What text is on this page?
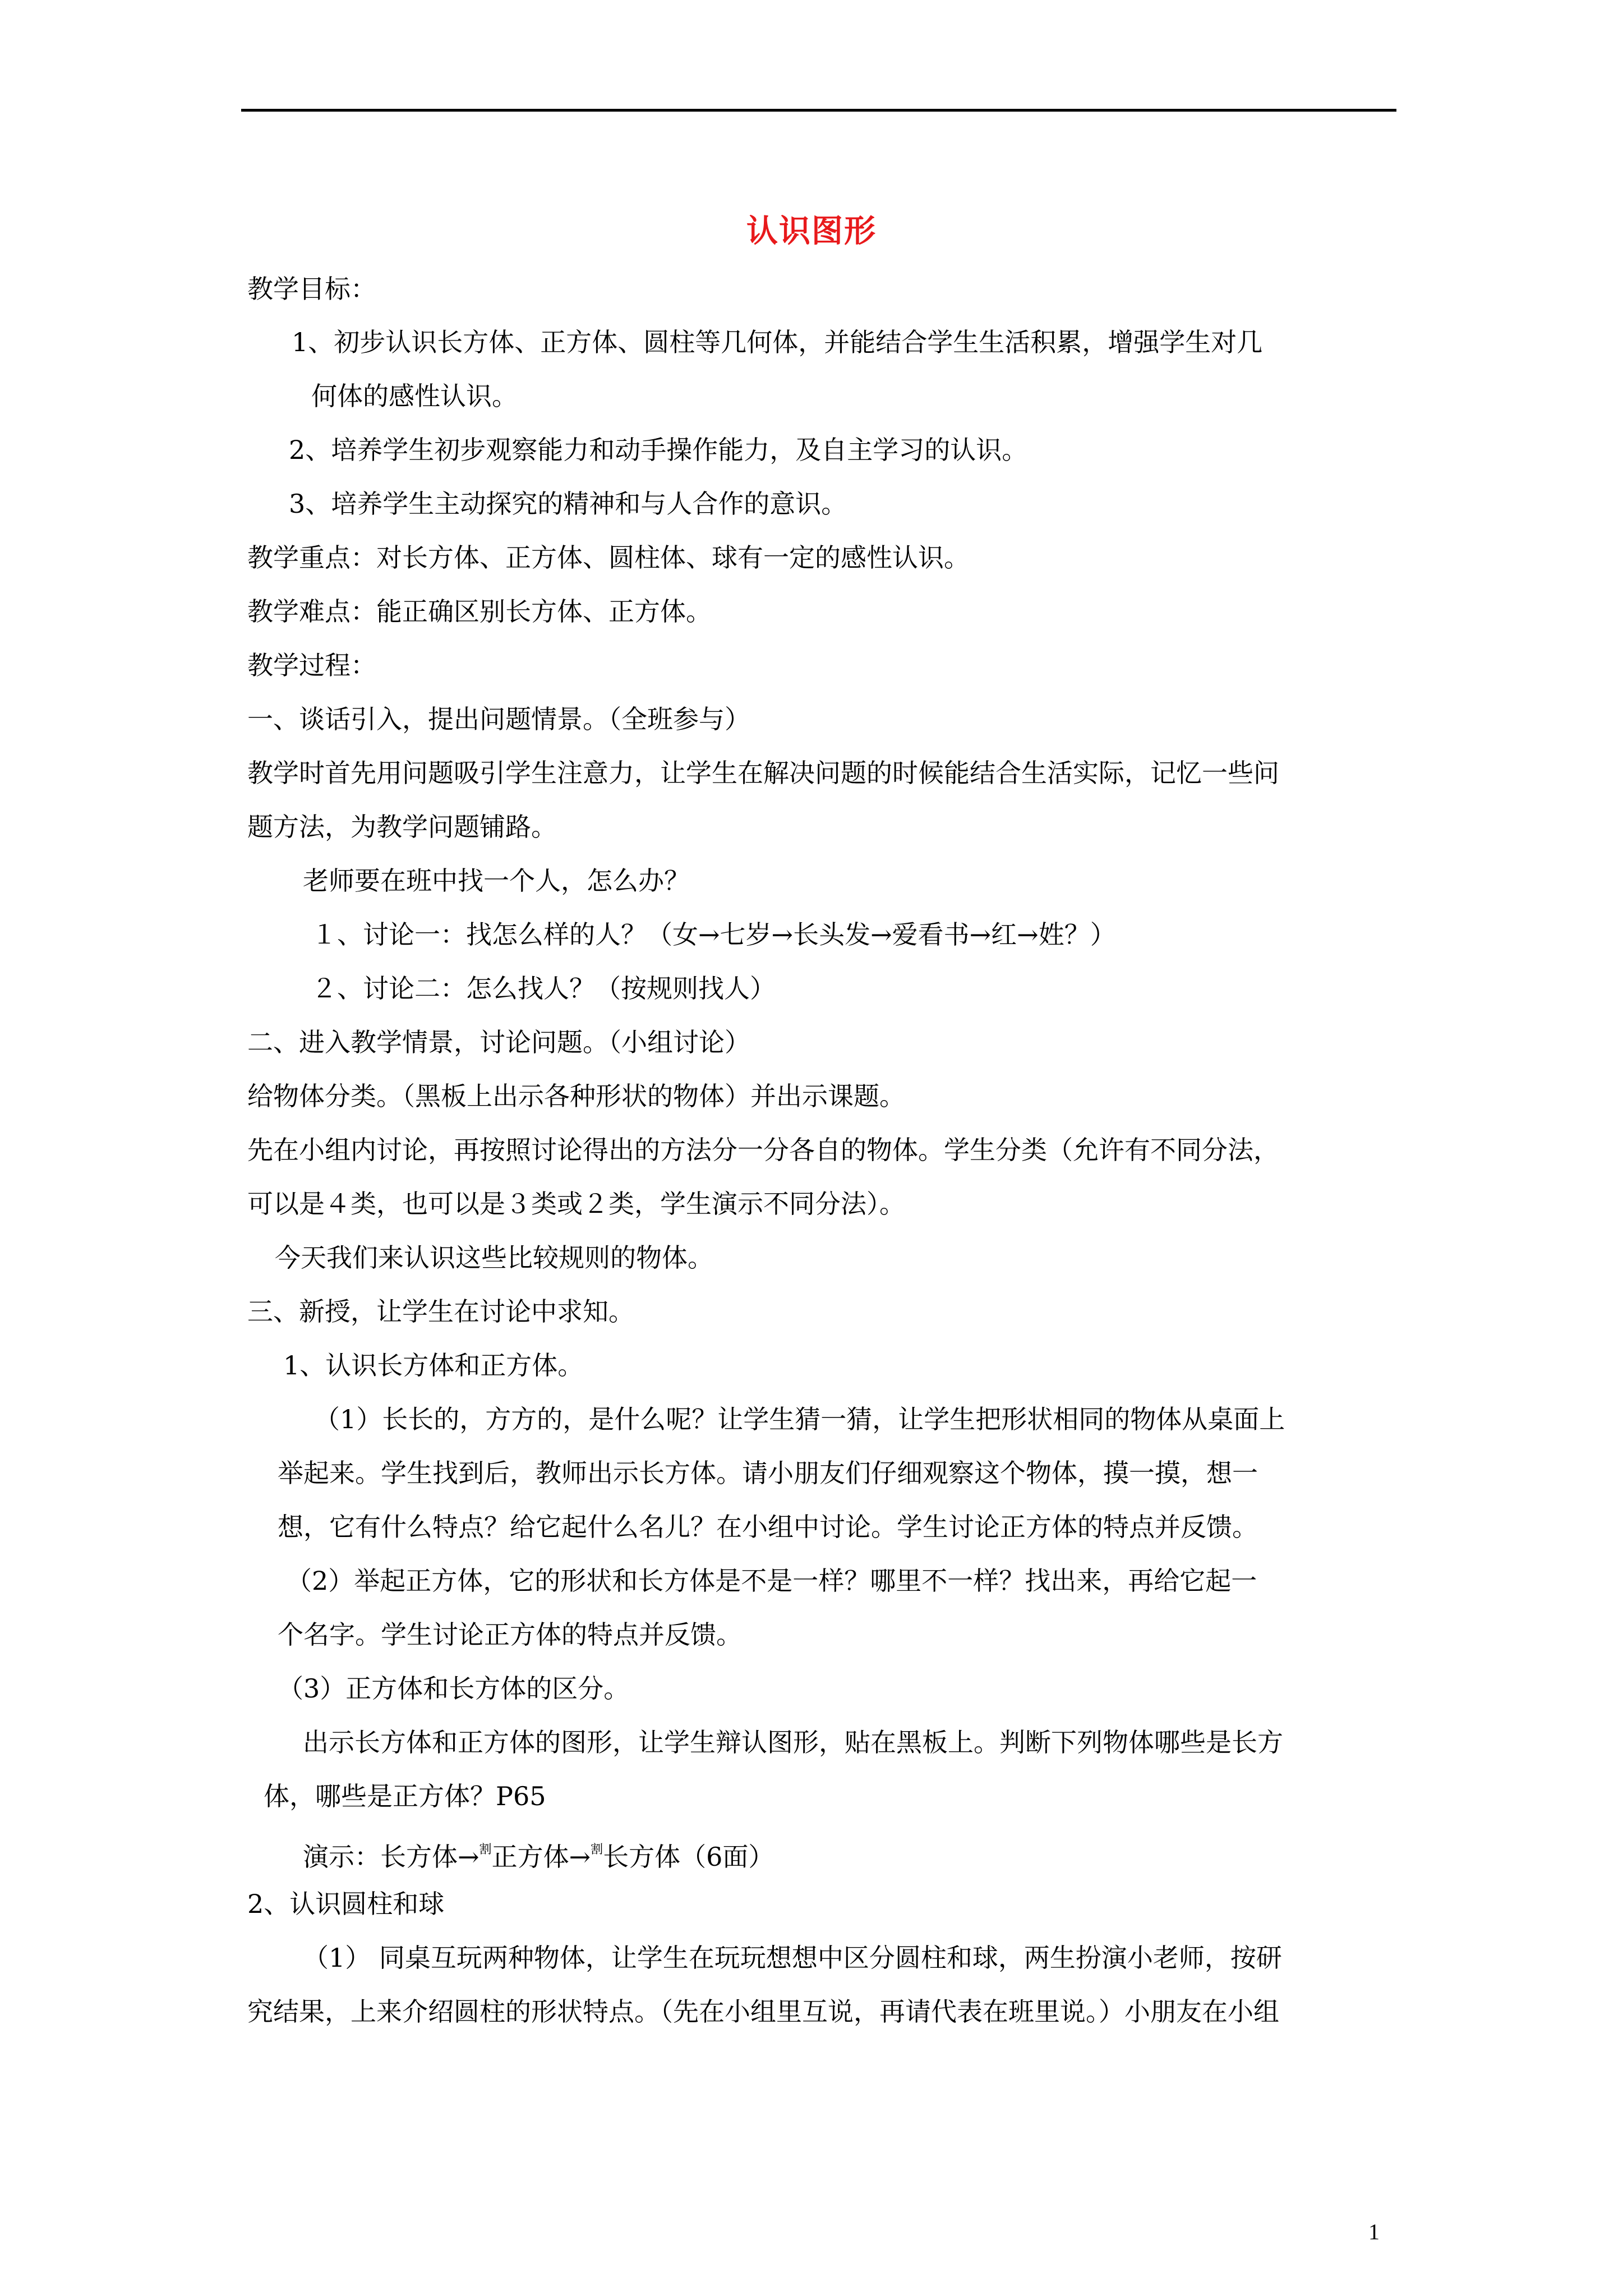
认识图形
教学目标：
1、初步认识长方体、正方体、圆柱等几何体，并能结合学生生活积累，增强学生对几
何体的感性认识。
2、培养学生初步观察能力和动手操作能力，及自主学习的认识。
3、培养学生主动探究的精神和与人合作的意识。
教学重点：对长方体、正方体、圆柱体、球有一定的感性认识。
教学难点：能正确区别长方体、正方体。
教学过程：
一、谈话引入，提出问题情景。（全班参与）
教学时首先用问题吸引学生注意力，让学生在解决问题的时候能结合生活实际，记忆一些问
题方法，为教学问题铺路。
老师要在班中找一个人，怎么办？
１、讨论一：找怎么样的人？（女→七岁→长头发→爱看书→红→姓？）
２、讨论二：怎么找人？（按规则找人）
二、进入教学情景，讨论问题。（小组讨论）
给物体分类。（黑板上出示各种形状的物体）并出示课题。
先在小组内讨论，再按照讨论得出的方法分一分各自的物体。学生分类（允许有不同分法，
可以是４类，也可以是３类或２类，学生演示不同分法）。
今天我们来认识这些比较规则的物体。
三、新授，让学生在讨论中求知。
1、认识长方体和正方体。
（1）长长的，方方的，是什么呢？让学生猜一猜，让学生把形状相同的物体从桌面上
举起来。学生找到后，教师出示长方体。请小朋友们仔细观察这个物体，摸一摸，想一
想，它有什么特点？给它起什么名儿？在小组中讨论。学生讨论正方体的特点并反馈。
（2）举起正方体，它的形状和长方体是不是一样？哪里不一样？找出来，再给它起一
个名字。学生讨论正方体的特点并反馈。
（3）正方体和长方体的区分。
出示长方体和正方体的图形，让学生辩认图形，贴在黑板上。判断下列物体哪些是长方
体，哪些是正方体？P65
演示：长方体→$^割$正方体→$^割$长方体（6面）
2、认识圆柱和球
（1） 同桌互玩两种物体，让学生在玩玩想想中区分圆柱和球，两生扮演小老师，按研
究结果，上来介绍圆柱的形状特点。（先在小组里互说，再请代表在班里说。）小朋友在小组
1
